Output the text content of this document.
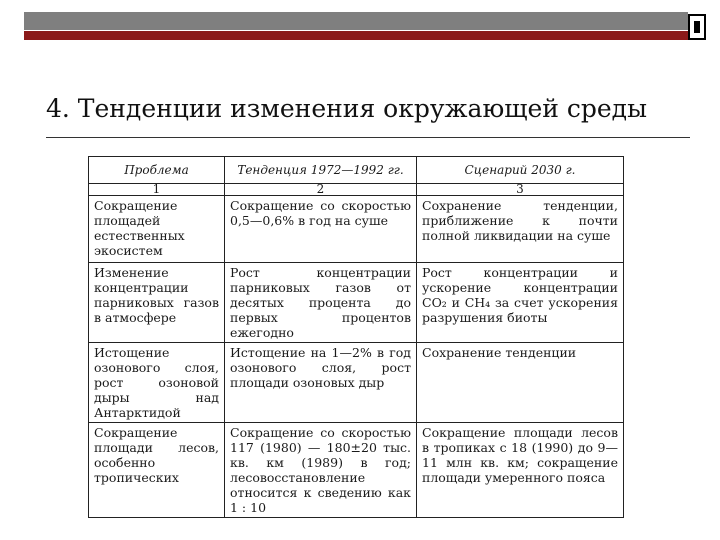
4. Тенденции изменения окружающей среды
Проблема	Тенденция 1972—1992 гг.	Сценарий 2030 г.
1	2	3
Сокращение площадей естественных экосистем	Сокращение со скоростью 0,5—0,6% в год на суше	Сохранение тенденции, приближение к почти полной ликвидации на суше
Изменение концентрации парниковых газов в атмосфере	Рост концентрации парниковых газов от десятых процента до первых процентов ежегодно	Рост концентрации и ускорение концентрации CO₂ и CH₄ за счет ускорения разрушения биоты
Истощение озонового слоя, рост озоновой дыры над Антарктидой	Истощение на 1—2% в год озонового слоя, рост площади озоновых дыр	Сохранение тенденции
Сокращение площади лесов, особенно тропических	Сокращение со скоростью 117 (1980) — 180±20 тыс. кв. км (1989) в год; лесовосстановление относится к сведению как 1 : 10	Сокращение площади лесов в тропиках с 18 (1990) до 9—11 млн кв. км; сокращение площади умеренного пояса
